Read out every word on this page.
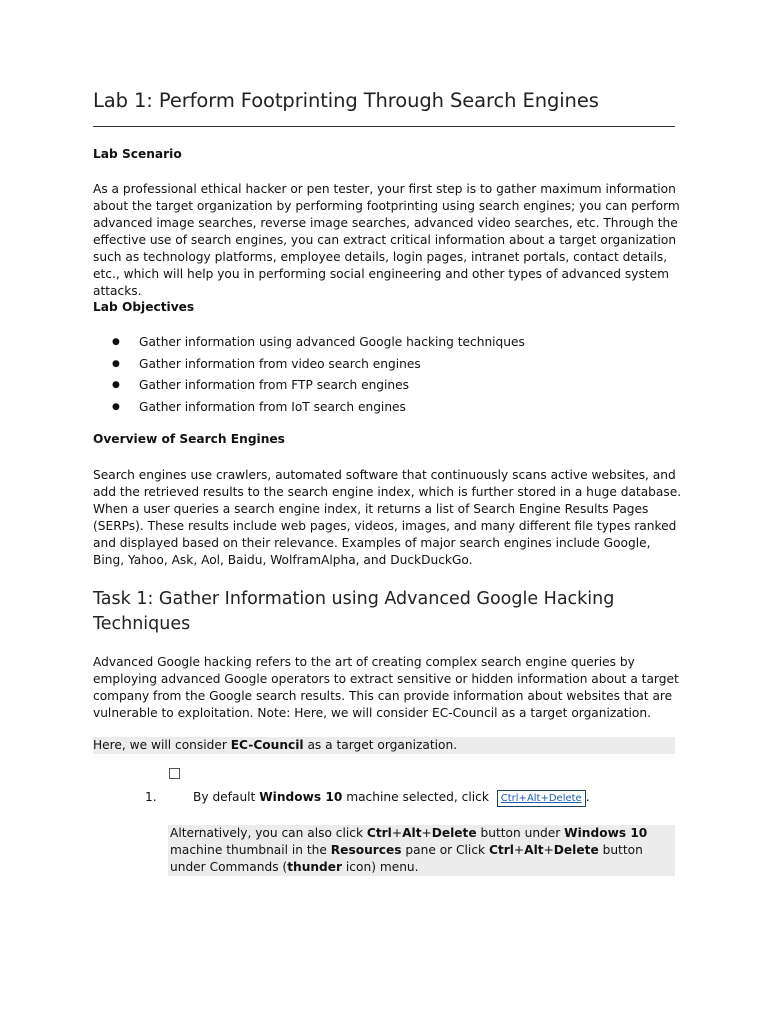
Lab 1: Perform Footprinting Through Search Engines
Lab Scenario

As a professional ethical hacker or pen tester, your first step is to gather maximum information about the target organization by performing footprinting using search engines; you can perform advanced image searches, reverse image searches, advanced video searches, etc. Through the effective use of search engines, you can extract critical information about a target organization such as technology platforms, employee details, login pages, intranet portals, contact details, etc., which will help you in performing social engineering and other types of advanced system attacks.

Lab Objectives
●	Gather information using advanced Google hacking techniques
●	Gather information from video search engines
●	Gather information from FTP search engines
●	Gather information from IoT search engines
Overview of Search Engines

Search engines use crawlers, automated software that continuously scans active websites, and add the retrieved results to the search engine index, which is further stored in a huge database. When a user queries a search engine index, it returns a list of Search Engine Results Pages (SERPs). These results include web pages, videos, images, and many different file types ranked and displayed based on their relevance. Examples of major search engines include Google, Bing, Yahoo, Ask, Aol, Baidu, WolframAlpha, and DuckDuckGo.

Task 1: Gather Information using Advanced Google Hacking Techniques

Advanced Google hacking refers to the art of creating complex search engine queries by employing advanced Google operators to extract sensitive or hidden information about a target company from the Google search results. This can provide information about websites that are vulnerable to exploitation. Note: Here, we will consider EC-Council as a target organization.

Here, we will consider EC-Council as a target organization.
1.	By default Windows 10 machine selected, click Ctrl+Alt+Delete .
Alternatively, you can also click Ctrl+Alt+Delete button under Windows 10 machine thumbnail in the Resources pane or Click Ctrl+Alt+Delete button under Commands (thunder icon) menu.
